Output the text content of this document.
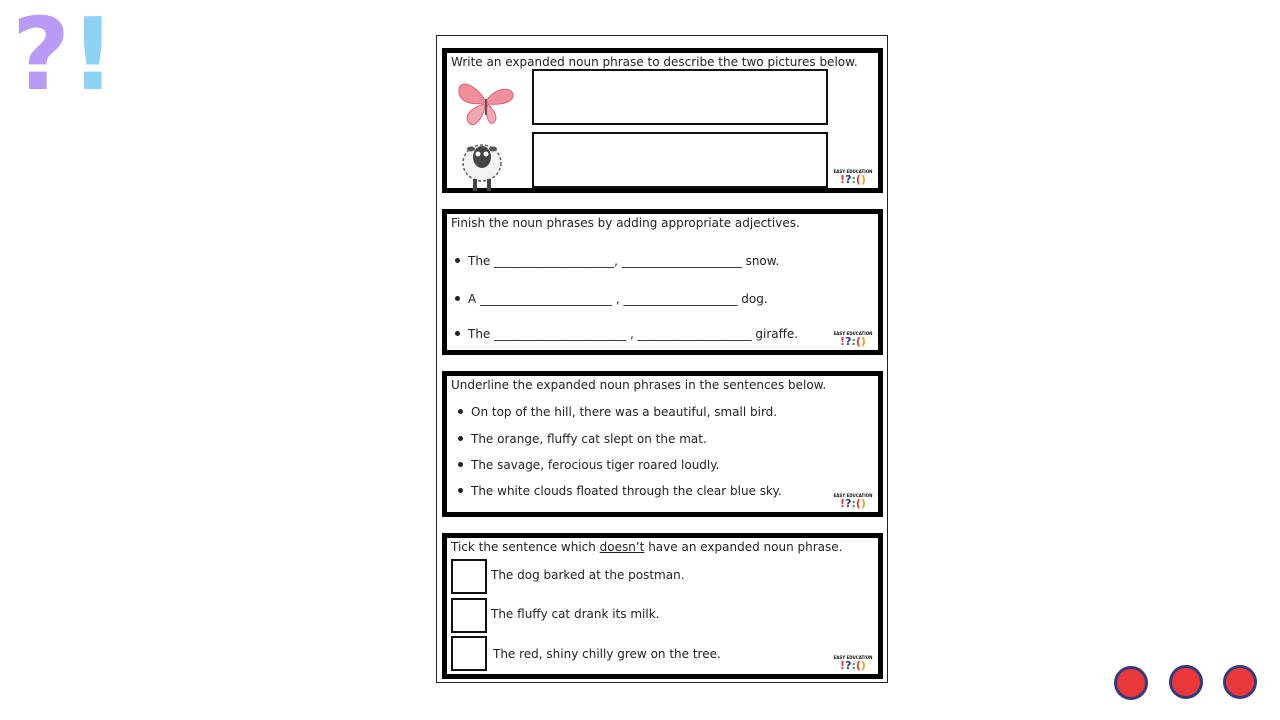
?!	Write an expanded noun phrase to describe the two pictures below.
EASY EDUCATION
!?:()
Finish the noun phrases by adding appropriate adjectives.
The ____________________, ____________________ snow.
A ______________________ , ___________________ dog.
The ______________________ , ___________________ giraffe.	EASY EDUCATION
!?:()
Underline the expanded noun phrases in the sentences below.
On top of the hill, there was a beautiful, small bird.
The orange, fluffy cat slept on the mat.
The savage, ferocious tiger roared loudly.
The white clouds floated through the clear blue sky.	EASY EDUCATION
!?:()
Tick the sentence which doesn’t have an expanded noun phrase.
The dog barked at the postman.
The fluffy cat drank its milk.
The red, shiny chilly grew on the tree.	EASY EDUCATION
!?:()
